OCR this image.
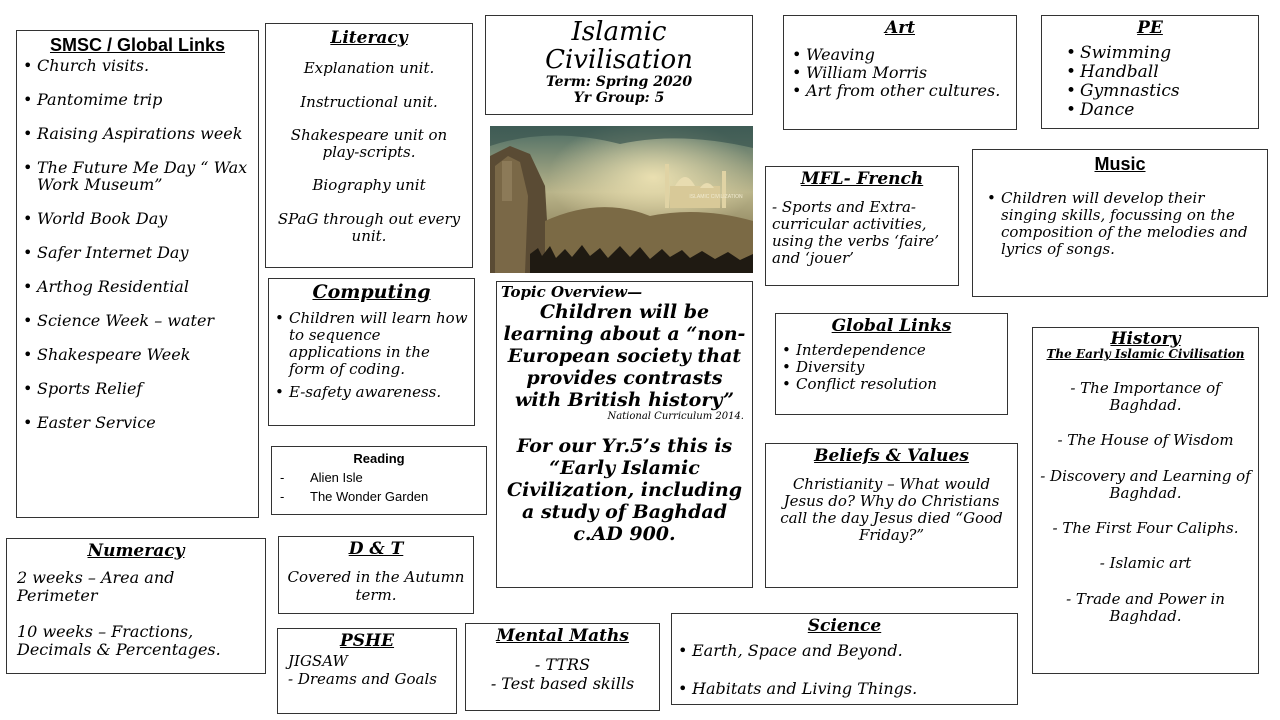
SMSC / Global Links
• Church visits.
• Pantomime trip
• Raising Aspirations week
• The Future Me Day “ Wax Work Museum”
• World Book Day
• Safer Internet Day
• Arthog Residential
• Science Week – water
• Shakespeare Week
• Sports Relief
• Easter Service
Literacy
Explanation unit.
Instructional unit.
Shakespeare unit on play-scripts.
Biography unit
SPaG through out every unit.
Islamic
Civilisation
Term: Spring 2020
Yr Group: 5
ISLAMIC CIVILIZATION
Art
• Weaving
• William Morris
• Art from other cultures.
PE
• Swimming
• Handball
• Gymnastics
• Dance
MFL- French
- Sports and Extra-curricular activities, using the verbs ‘faire’ and ‘jouer’
Music
• Children will develop their singing skills, focussing on the composition of the melodies and lyrics of songs.
Computing
• Children will learn how to sequence applications in the form of coding.
• E-safety awareness.
Topic Overview—
Children will be learning about a “non-European society that provides contrasts with British history”
National Curriculum 2014.
For our Yr.5’s this is “Early Islamic Civilization, including a study of Baghdad c.AD 900.
Global Links
• Interdependence
• Diversity
• Conflict resolution
History
The Early Islamic Civilisation
- The Importance of Baghdad.
- The House of Wisdom
- Discovery and Learning of Baghdad.
- The First Four Caliphs.
- Islamic art
- Trade and Power in Baghdad.
Reading
- Alien Isle
- The Wonder Garden
Beliefs & Values
Christianity – What would Jesus do? Why do Christians call the day Jesus died “Good Friday?”
Numeracy
2 weeks – Area and Perimeter
10 weeks – Fractions, Decimals & Percentages.
D & T
Covered in the Autumn term.
PSHE
JIGSAW
- Dreams and Goals
Mental Maths
- TTRS
- Test based skills
Science
• Earth, Space and Beyond.
• Habitats and Living Things.
